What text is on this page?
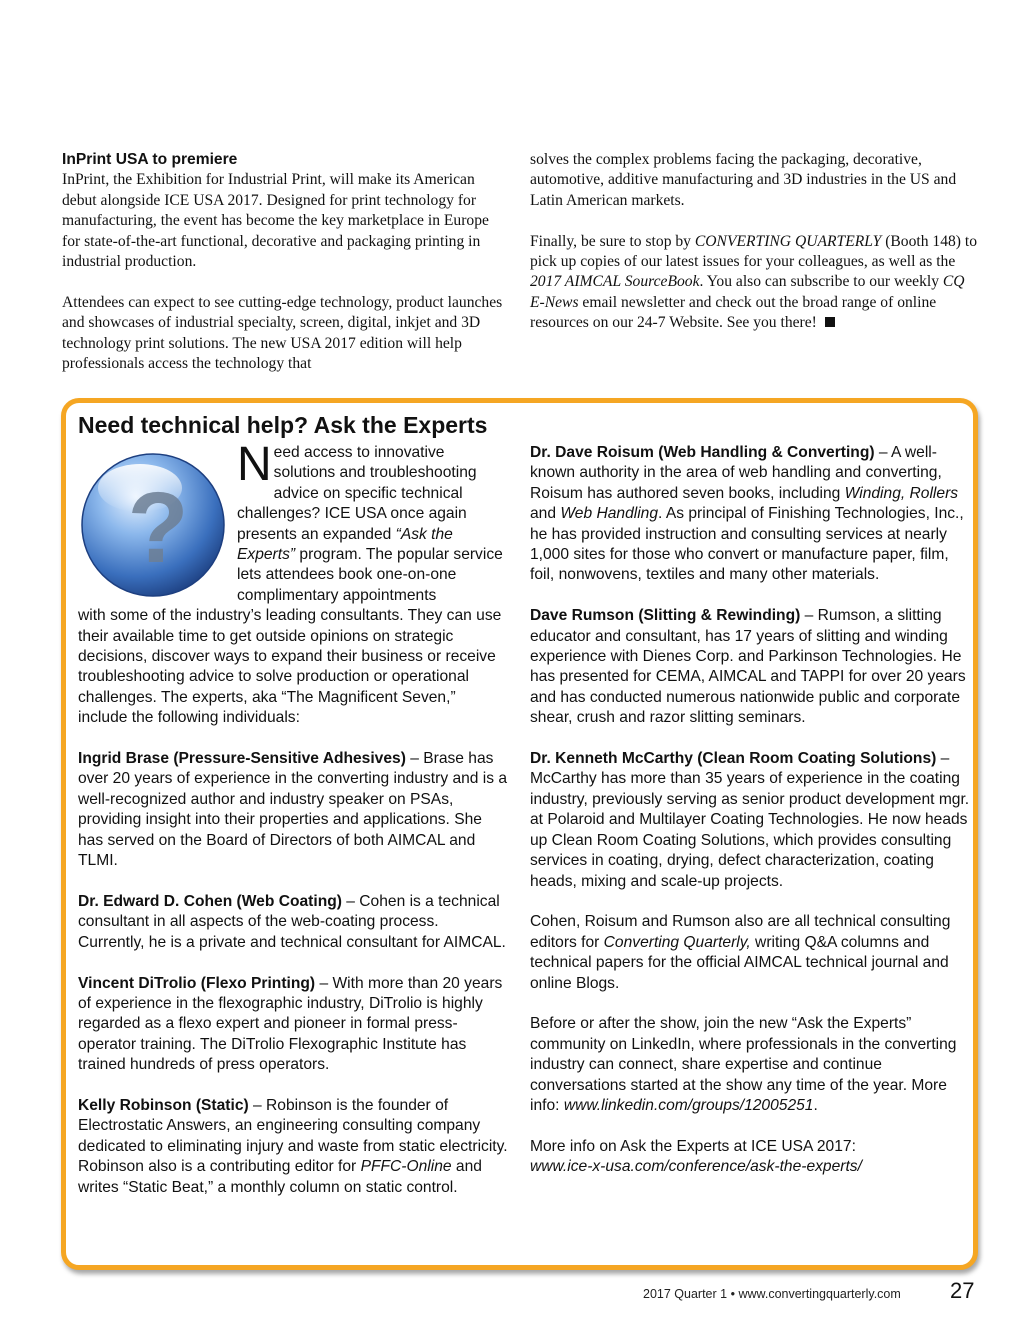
InPrint USA to premiere

InPrint, the Exhibition for Industrial Print, will make its American debut alongside ICE USA 2017. Designed for print technology for manufacturing, the event has become the key marketplace in Europe for state-of-the-art functional, decorative and packaging printing in industrial production.

Attendees can expect to see cutting-edge technology, product launches and showcases of industrial specialty, screen, digital, inkjet and 3D technology print solutions. The new USA 2017 edition will help professionals access the technology that

solves the complex problems facing the packaging, decorative, automotive, additive manufacturing and 3D industries in the US and Latin American markets.

Finally, be sure to stop by CONVERTING QUARTERLY (Booth 148) to pick up copies of our latest issues for your colleagues, as well as the 2017 AIMCAL SourceBook. You also can subscribe to our weekly CQ E-News email newsletter and check out the broad range of online resources on our 24-7 Website. See you there!

Need technical help? Ask the Experts
?
Need access to innovative solutions and troubleshooting advice on specific technical challenges? ICE USA once again presents an expanded “Ask the Experts” program. The popular service lets attendees book one-on-one complimentary appointments

with some of the industry’s leading consultants. They can use their available time to get outside opinions on strategic decisions, discover ways to expand their business or receive troubleshooting advice to solve production or operational challenges. The experts, aka “The Magnificent Seven,” include the following individuals:

Ingrid Brase (Pressure-Sensitive Adhesives) – Brase has over 20 years of experience in the converting industry and is a well-recognized author and industry speaker on PSAs, providing insight into their properties and applications. She has served on the Board of Directors of both AIMCAL and TLMI.

Dr. Edward D. Cohen (Web Coating) – Cohen is a technical consultant in all aspects of the web-coating process. Currently, he is a private and technical consultant for AIMCAL.

Vincent DiTrolio (Flexo Printing) – With more than 20 years of experience in the flexographic industry, DiTrolio is highly regarded as a flexo expert and pioneer in formal press-operator training. The DiTrolio Flexographic Institute has trained hundreds of press operators.

Kelly Robinson (Static) – Robinson is the founder of Electrostatic Answers, an engineering consulting company dedicated to eliminating injury and waste from static electricity. Robinson also is a contributing editor for PFFC-Online and writes “Static Beat,” a monthly column on static control.

Dr. Dave Roisum (Web Handling & Converting) – A well-known authority in the area of web handling and converting, Roisum has authored seven books, including Winding, Rollers and Web Handling. As principal of Finishing Technologies, Inc., he has provided instruction and consulting services at nearly 1,000 sites for those who convert or manufacture paper, film, foil, nonwovens, textiles and many other materials.

Dave Rumson (Slitting & Rewinding) – Rumson, a slitting educator and consultant, has 17 years of slitting and winding experience with Dienes Corp. and Parkinson Technologies. He has presented for CEMA, AIMCAL and TAPPI for over 20 years and has conducted numerous nationwide public and corporate shear, crush and razor slitting seminars.

Dr. Kenneth McCarthy (Clean Room Coating Solutions) – McCarthy has more than 35 years of experience in the coating industry, previously serving as senior product development mgr. at Polaroid and Multilayer Coating Technologies. He now heads up Clean Room Coating Solutions, which provides consulting services in coating, drying, defect characterization, coating heads, mixing and scale-up projects.

Cohen, Roisum and Rumson also are all technical consulting editors for Converting Quarterly, writing Q&A columns and technical papers for the official AIMCAL technical journal and online Blogs.

Before or after the show, join the new “Ask the Experts” community on LinkedIn, where professionals in the converting industry can connect, share expertise and continue conversations started at the show any time of the year. More info: www.linkedin.com/groups/12005251.

More info on Ask the Experts at ICE USA 2017:

www.ice-x-usa.com/conference/ask-the-experts/

2017 Quarter 1 • www.convertingquarterly.com 27
